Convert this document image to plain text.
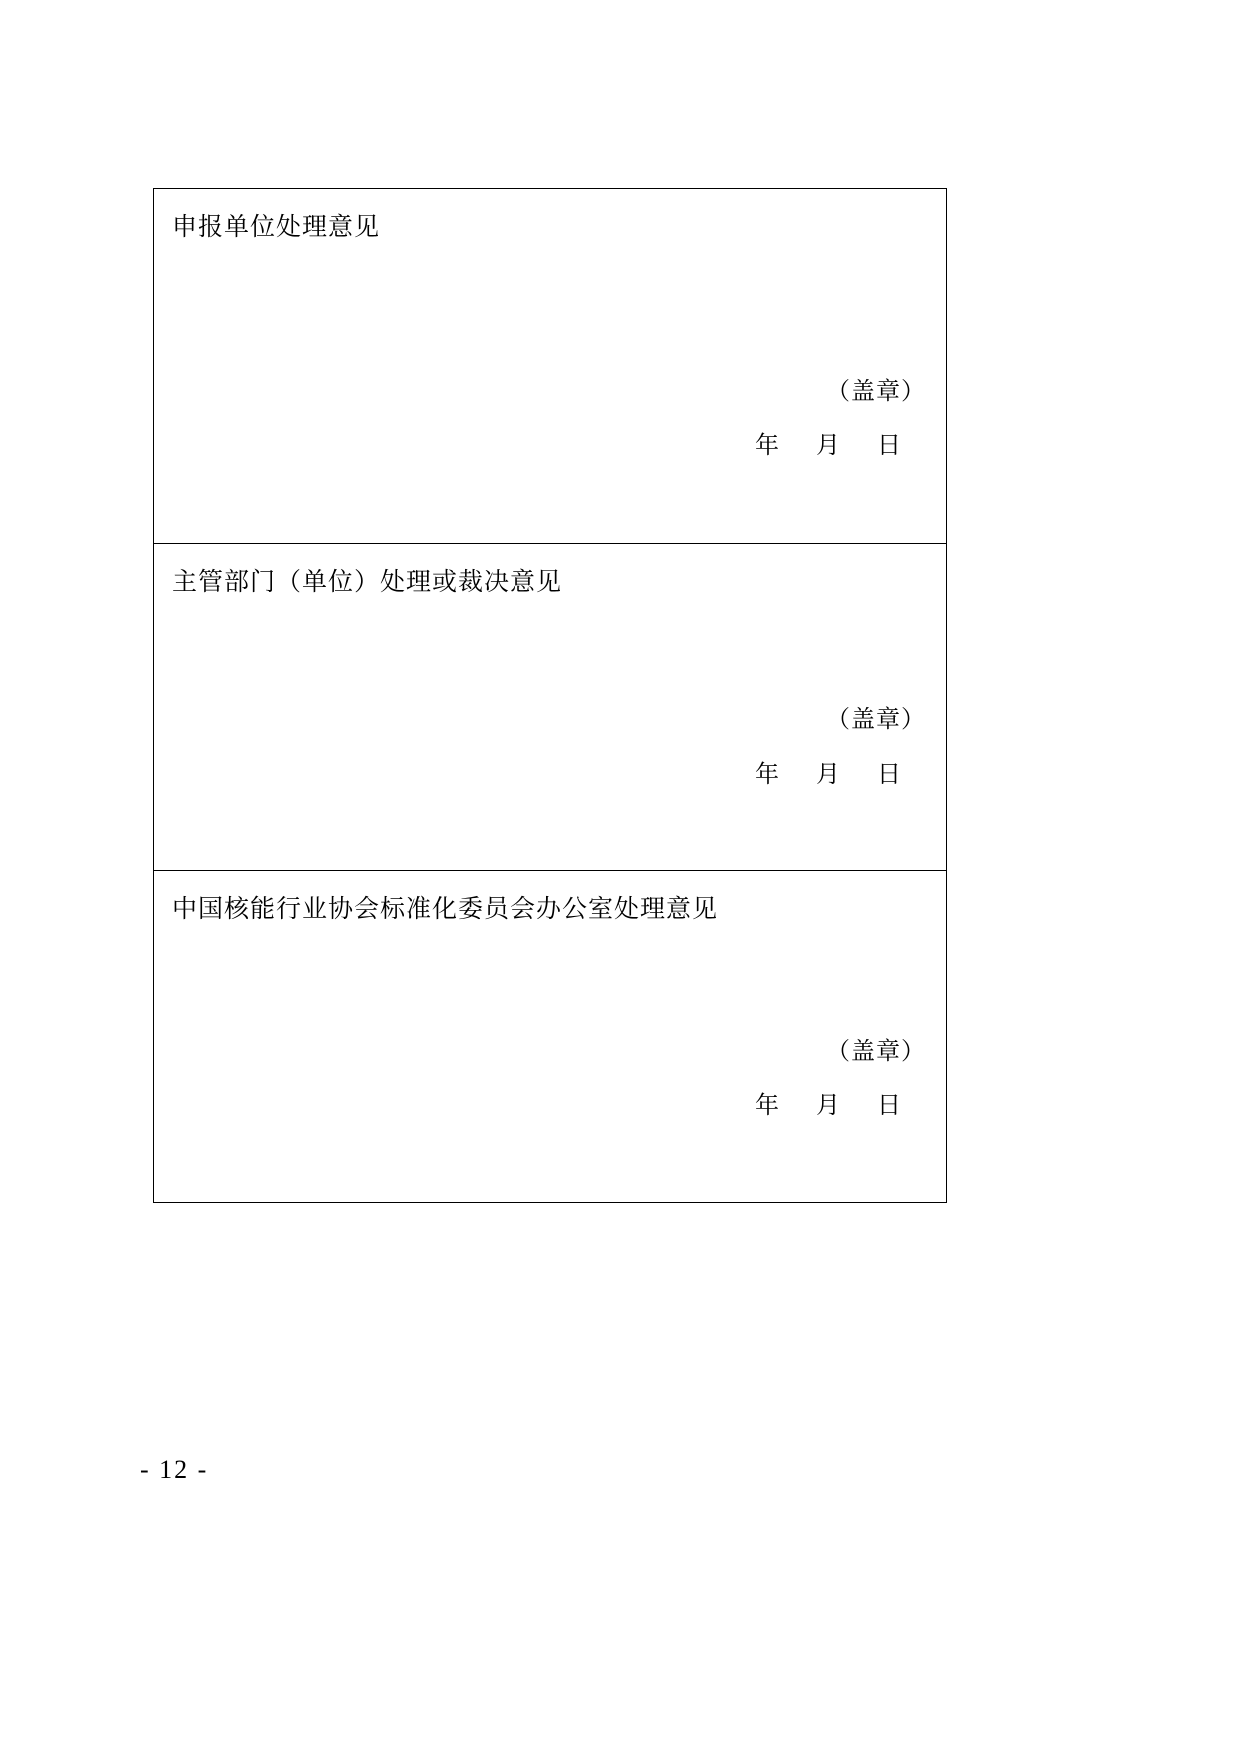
申报单位处理意见
（盖章）
年 月 日
主管部门（单位）处理或裁决意见
（盖章）
年 月 日
中国核能行业协会标准化委员会办公室处理意见
（盖章）
年 月 日
- 12 -
